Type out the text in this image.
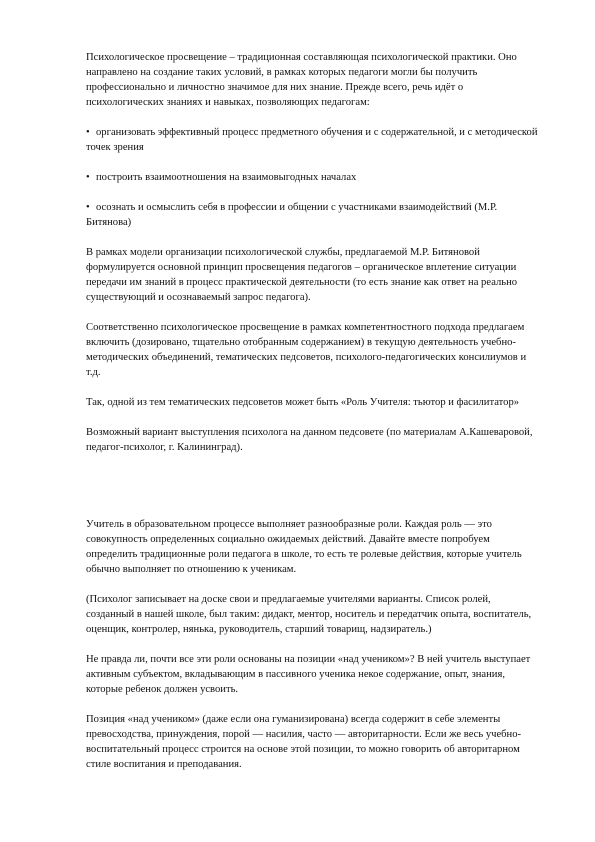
Психологическое просвещение – традиционная составляющая психологической практики. Оно направлено на создание таких условий, в рамках которых педагоги могли бы получить профессионально и личностно значимое для них знание. Прежде всего, речь идёт о психологических знаниях и навыках, позволяющих педагогам:

• организовать эффективный процесс предметного обучения и с содержательной, и с методической точек зрения
• построить взаимоотношения на взаимовыгодных началах
• осознать и осмыслить себя в профессии и общении с участниками взаимодействий (М.Р. Битянова)

В рамках модели организации психологической службы, предлагаемой М.Р. Битяновой формулируется основной принцип просвещения педагогов – органическое вплетение ситуации передачи им знаний в процесс практической деятельности (то есть знание как ответ на реально существующий и осознаваемый запрос педагога).

Соответственно психологическое просвещение в рамках компетентностного подхода предлагаем включить (дозировано, тщательно отобранным содержанием) в текущую деятельность учебно-методических объединений, тематических педсоветов, психолого-педагогических консилиумов и т.д.

Так, одной из тем тематических педсоветов может быть «Роль Учителя: тьютор и фасилитатор»

Возможный вариант выступления психолога на данном педсовете (по материалам А.Кашеваровой, педагог-психолог, г. Калининград).

Учитель в образовательном процессе выполняет разнообразные роли. Каждая роль — это совокупность определенных социально ожидаемых действий. Давайте вместе попробуем определить традиционные роли педагога в школе, то есть те ролевые действия, которые учитель обычно выполняет по отношению к ученикам.

(Психолог записывает на доске свои и предлагаемые учителями варианты. Список ролей, созданный в нашей школе, был таким: дидакт, ментор, носитель и передатчик опыта, воспитатель, оценщик, контролер, нянька, руководитель, старший товарищ, надзиратель.)

Не правда ли, почти все эти роли основаны на позиции «над учеником»? В ней учитель выступает активным субъектом, вкладывающим в пассивного ученика некое содержание, опыт, знания, которые ребенок должен усвоить.

Позиция «над учеником» (даже если она гуманизирована) всегда содержит в себе элементы превосходства, принуждения, порой — насилия, часто — авторитарности. Если же весь учебно-воспитательный процесс строится на основе этой позиции, то можно говорить об авторитарном стиле воспитания и преподавания.
